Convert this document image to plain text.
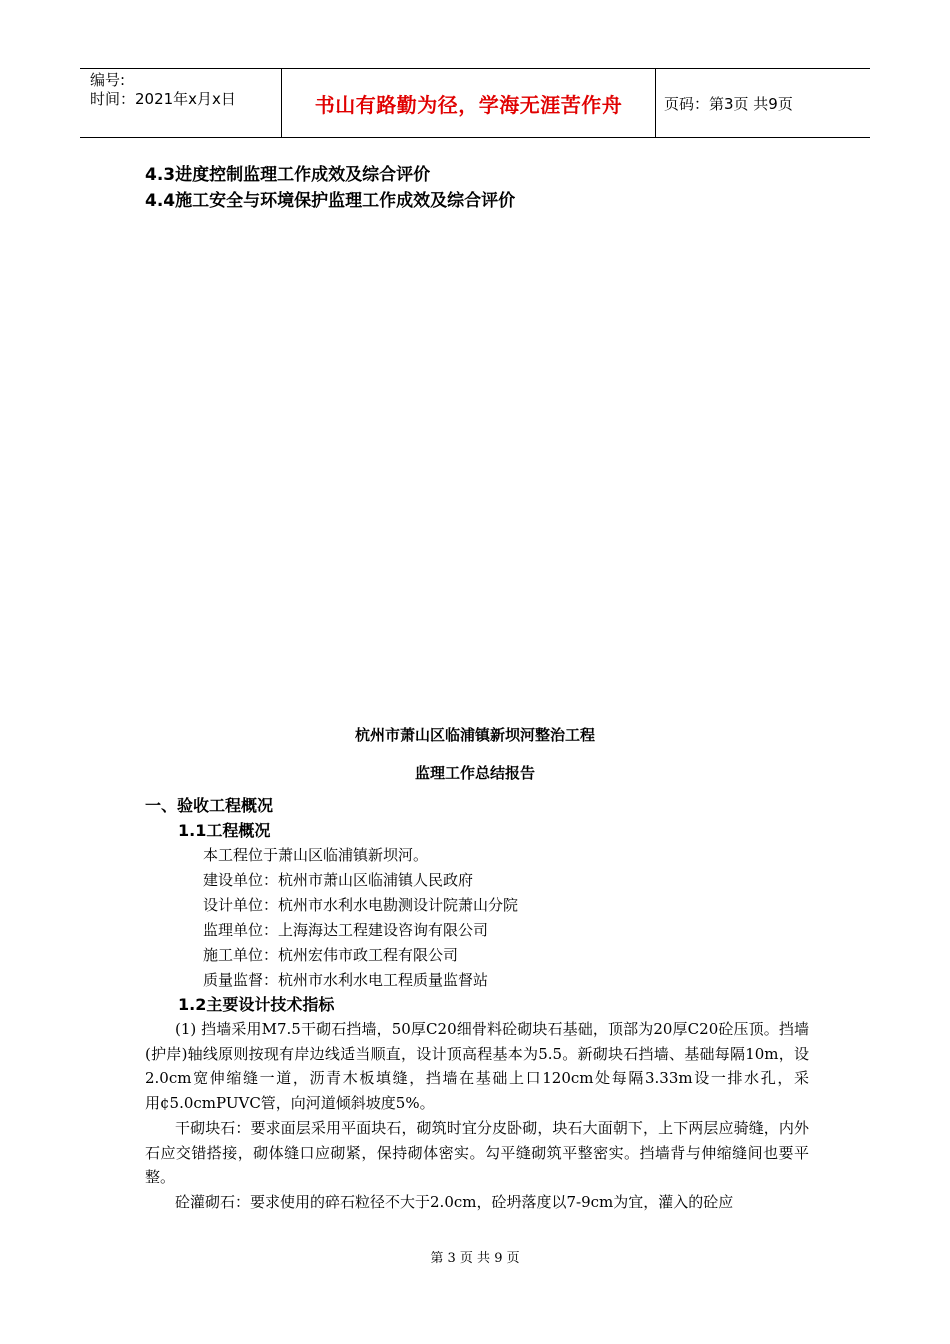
编号:
时间：2021年x月x日	书山有路勤为径，学海无涯苦作舟	页码：第3页 共9页
4.3进度控制监理工作成效及综合评价
4.4施工安全与环境保护监理工作成效及综合评价
杭州市萧山区临浦镇新坝河整治工程
监理工作总结报告
一、验收工程概况
1.1工程概况
本工程位于萧山区临浦镇新坝河。
建设单位：杭州市萧山区临浦镇人民政府
设计单位：杭州市水利水电勘测设计院萧山分院
监理单位：上海海达工程建设咨询有限公司
施工单位：杭州宏伟市政工程有限公司
质量监督：杭州市水利水电工程质量监督站
1.2主要设计技术指标
(1) 挡墙采用M7.5干砌石挡墙，50厚C20细骨料砼砌块石基础，顶部为20厚C20砼压顶。挡墙(护岸)轴线原则按现有岸边线适当顺直，设计顶高程基本为5.5。新砌块石挡墙、基础每隔10m，设2.0cm宽伸缩缝一道，沥青木板填缝，挡墙在基础上口120cm处每隔3.33m设一排水孔，采用¢5.0cmPUVC管，向河道倾斜坡度5%。
干砌块石：要求面层采用平面块石，砌筑时宜分皮卧砌，块石大面朝下，上下两层应骑缝，内外石应交错搭接，砌体缝口应砌紧，保持砌体密实。勾平缝砌筑平整密实。挡墙背与伸缩缝间也要平整。
砼灌砌石：要求使用的碎石粒径不大于2.0cm，砼坍落度以7-9cm为宜，灌入的砼应
第 3 页 共 9 页
